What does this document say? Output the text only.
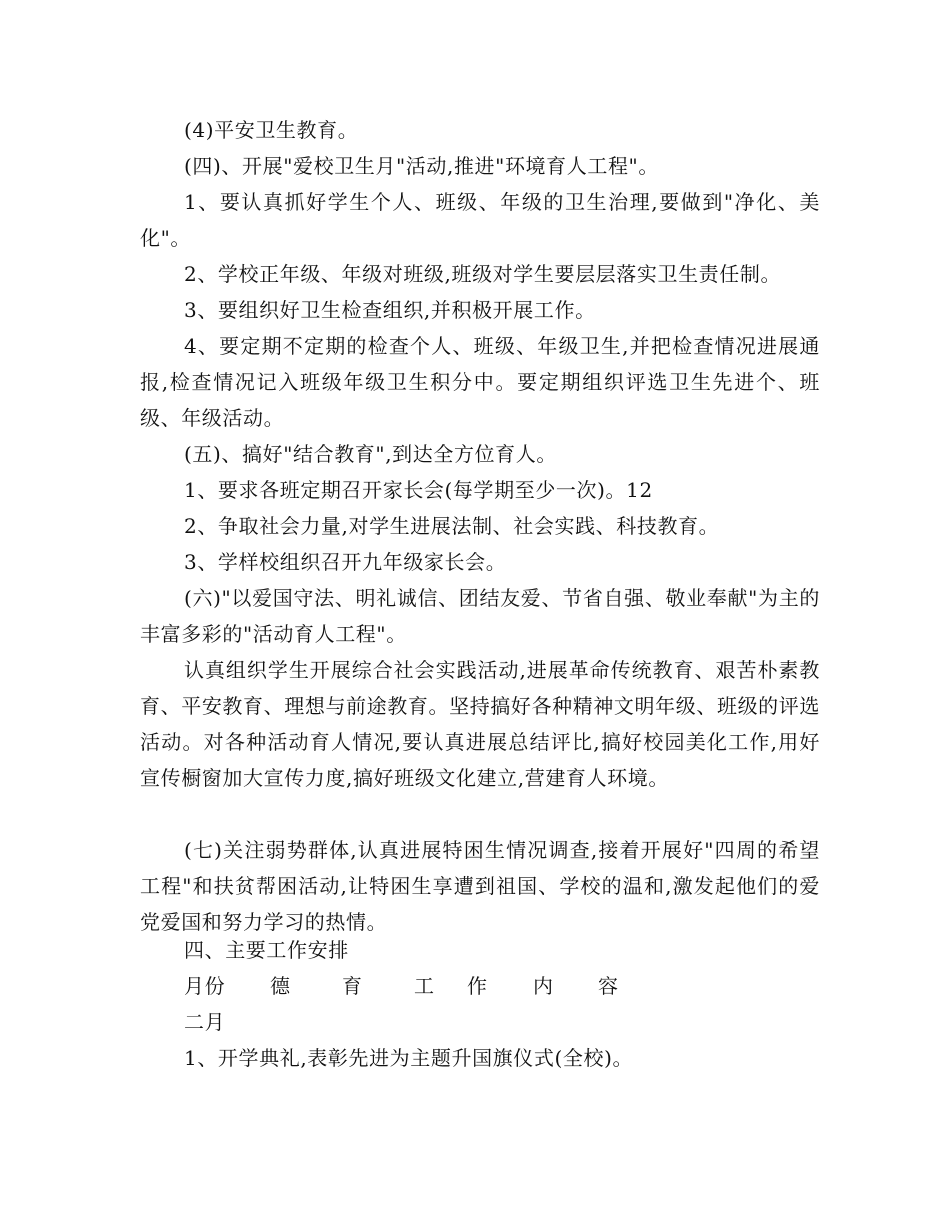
(4)平安卫生教育。

(四)、开展"爱校卫生月"活动,推进"环境育人工程"。

1、要认真抓好学生个人、班级、年级的卫生治理,要做到"净化、美化"。

2、学校正年级、年级对班级,班级对学生要层层落实卫生责任制。

3、要组织好卫生检查组织,并积极开展工作。

4、要定期不定期的检查个人、班级、年级卫生,并把检查情况进展通报,检查情况记入班级年级卫生积分中。要定期组织评选卫生先进个、班级、年级活动。

(五)、搞好"结合教育",到达全方位育人。

1、要求各班定期召开家长会(每学期至少一次)。12

2、争取社会力量,对学生进展法制、社会实践、科技教育。

3、学样校组织召开九年级家长会。

(六)"以爱国守法、明礼诚信、团结友爱、节省自强、敬业奉献"为主的丰富多彩的"活动育人工程"。

认真组织学生开展综合社会实践活动,进展革命传统教育、艰苦朴素教育、平安教育、理想与前途教育。坚持搞好各种精神文明年级、班级的评选活动。对各种活动育人情况,要认真进展总结评比,搞好校园美化工作,用好宣传橱窗加大宣传力度,搞好班级文化建立,营建育人环境。

(七)关注弱势群体,认真进展特困生情况调查,接着开展好"四周的希望工程"和扶贫帮困活动,让特困生享遭到祖国、学校的温和,激发起他们的爱党爱国和努力学习的热情。

四、主要工作安排

月份 德	育	工 作 内 容

二月

1、开学典礼,表彰先进为主题升国旗仪式(全校)。
